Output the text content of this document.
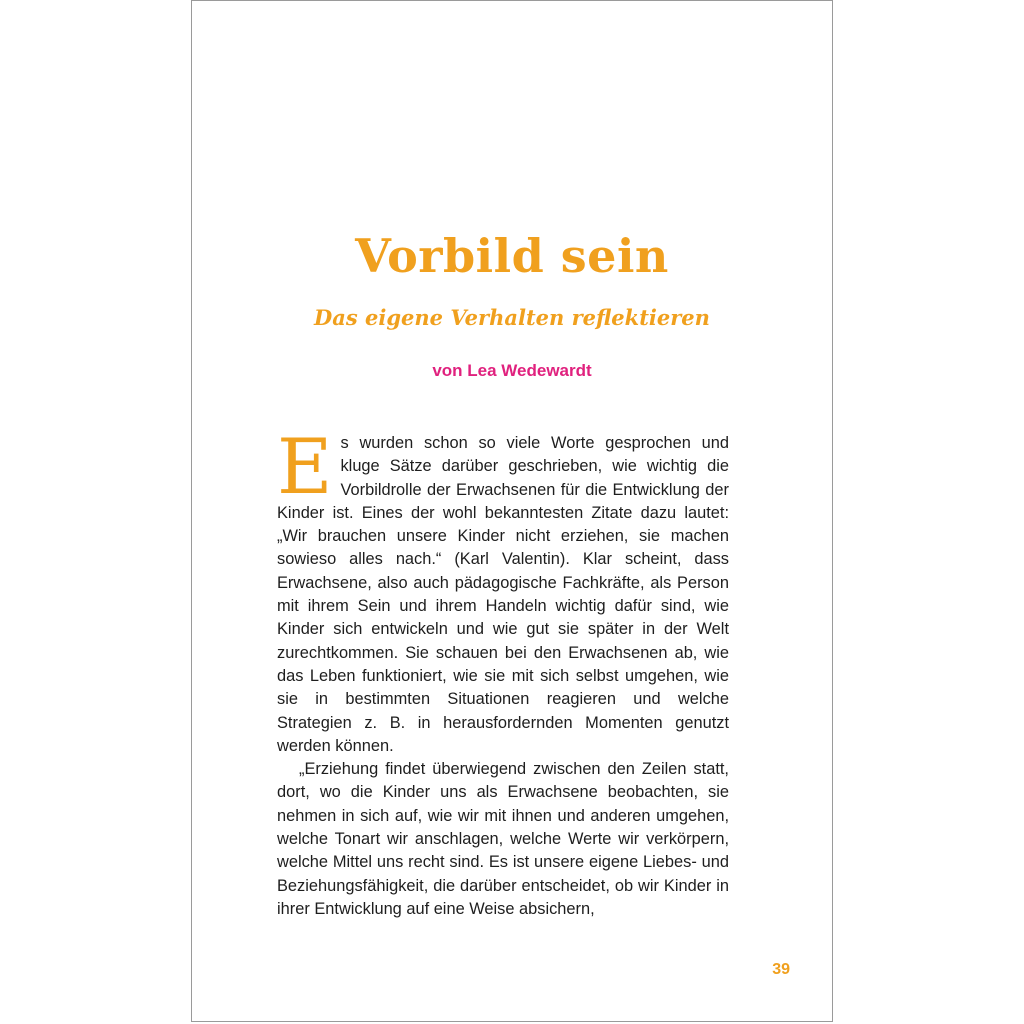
Vorbild sein
Das eigene Verhalten reflektieren
von Lea Wedewardt

Es wurden schon so viele Worte gesprochen und kluge Sätze darüber geschrieben, wie wichtig die Vorbildrolle der Erwachsenen für die Entwicklung der Kinder ist. Eines der wohl bekanntesten Zitate dazu lautet: „Wir brauchen unsere Kinder nicht erziehen, sie machen sowieso alles nach.“ (Karl Valentin). Klar scheint, dass Erwachsene, also auch pädagogische Fachkräfte, als Person mit ihrem Sein und ihrem Handeln wichtig dafür sind, wie Kinder sich entwickeln und wie gut sie später in der Welt zurechtkommen. Sie schauen bei den Erwachsenen ab, wie das Leben funktioniert, wie sie mit sich selbst umgehen, wie sie in bestimmten Situationen reagieren und welche Strategien z. B. in herausfordernden Momenten genutzt werden können.

„Erziehung findet überwiegend zwischen den Zeilen statt, dort, wo die Kinder uns als Erwachsene beobachten, sie nehmen in sich auf, wie wir mit ihnen und anderen umgehen, welche Tonart wir anschlagen, welche Werte wir verkörpern, welche Mittel uns recht sind. Es ist unsere eigene Liebes- und Beziehungsfähigkeit, die darüber entscheidet, ob wir Kinder in ihrer Entwicklung auf eine Weise absichern,

39
